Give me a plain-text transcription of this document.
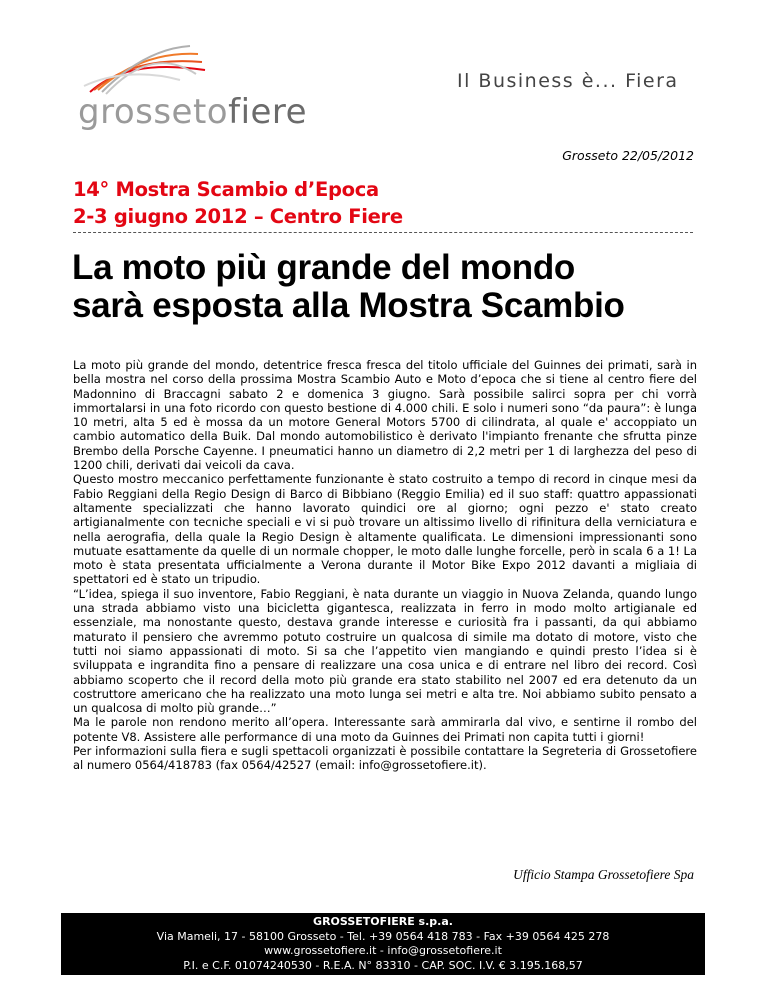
grossetofiere
Il Business è... Fiera
Grosseto 22/05/2012
14° Mostra Scambio d’Epoca
2-3 giugno 2012 – Centro Fiere
La moto più grande del mondo
sarà esposta alla Mostra Scambio

La moto più grande del mondo, detentrice fresca fresca del titolo ufficiale del Guinnes dei primati, sarà in bella mostra nel corso della prossima Mostra Scambio Auto e Moto d’epoca che si tiene al centro fiere del Madonnino di Braccagni sabato 2 e domenica 3 giugno. Sarà possibile salirci sopra per chi vorrà immortalarsi in una foto ricordo con questo bestione di 4.000 chili. E solo i numeri sono “da paura”: è lunga 10 metri, alta 5 ed è mossa da un motore General Motors 5700 di cilindrata, al quale e' accoppiato un cambio automatico della Buik. Dal mondo automobilistico è derivato l'impianto frenante che sfrutta pinze Brembo della Porsche Cayenne. I pneumatici hanno un diametro di 2,2 metri per 1 di larghezza del peso di 1200 chili, derivati dai veicoli da cava.

Questo mostro meccanico perfettamente funzionante è stato costruito a tempo di record in cinque mesi da Fabio Reggiani della Regio Design di Barco di Bibbiano (Reggio Emilia) ed il suo staff: quattro appassionati altamente specializzati che hanno lavorato quindici ore al giorno; ogni pezzo e' stato creato artigianalmente con tecniche speciali e vi si può trovare un altissimo livello di rifinitura della verniciatura e nella aerografia, della quale la Regio Design è altamente qualificata. Le dimensioni impressionanti sono mutuate esattamente da quelle di un normale chopper, le moto dalle lunghe forcelle, però in scala 6 a 1! La moto è stata presentata ufficialmente a Verona durante il Motor Bike Expo 2012 davanti a migliaia di spettatori ed è stato un tripudio.

“L’idea, spiega il suo inventore, Fabio Reggiani, è nata durante un viaggio in Nuova Zelanda, quando lungo una strada abbiamo visto una bicicletta gigantesca, realizzata in ferro in modo molto artigianale ed essenziale, ma nonostante questo, destava grande interesse e curiosità fra i passanti, da qui abbiamo maturato il pensiero che avremmo potuto costruire un qualcosa di simile ma dotato di motore, visto che tutti noi siamo appassionati di moto. Si sa che l’appetito vien mangiando e quindi presto l’idea si è sviluppata e ingrandita fino a pensare di realizzare una cosa unica e di entrare nel libro dei record. Così abbiamo scoperto che il record della moto più grande era stato stabilito nel 2007 ed era detenuto da un costruttore americano che ha realizzato una moto lunga sei metri e alta tre. Noi abbiamo subito pensato a un qualcosa di molto più grande…”

Ma le parole non rendono merito all’opera. Interessante sarà ammirarla dal vivo, e sentirne il rombo del potente V8. Assistere alle performance di una moto da Guinnes dei Primati non capita tutti i giorni!

Per informazioni sulla fiera e sugli spettacoli organizzati è possibile contattare la Segreteria di Grossetofiere al numero 0564/418783 (fax 0564/42527 (email: info@grossetofiere.it).

Ufficio Stampa Grossetofiere Spa
GROSSETOFIERE s.p.a.
Via Mameli, 17 - 58100 Grosseto - Tel. +39 0564 418 783 - Fax +39 0564 425 278
www.grossetofiere.it - info@grossetofiere.it
P.I. e C.F. 01074240530 - R.E.A. N° 83310 - CAP. SOC. I.V. € 3.195.168,57
